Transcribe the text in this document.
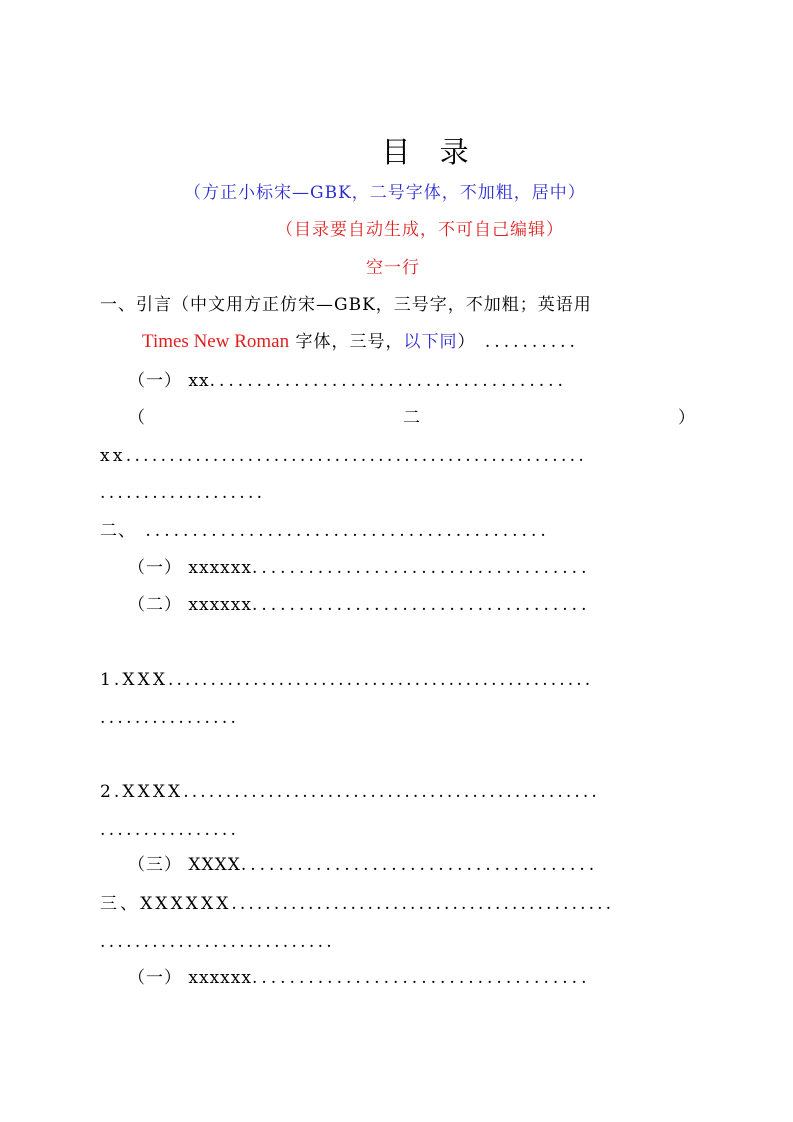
目 录
（方正小标宋—GBK，二号字体，不加粗，居中）
（目录要自动生成，不可自己编辑）
空一行
一、引言（中文用方正仿宋—GBK，三号字，不加粗；英语用
Times New Roman 字体，三号，以下同） ..........
（一） xx......................................
（	二	）
xx.....................................................
...................
二、 ...........................................
（一） xxxxxx....................................
（二） xxxxxx....................................
1.XXX..................................................
................
2.XXXX.................................................
................
（三） XXXX......................................
三、XXXXXX.............................................
...........................
（一） xxxxxx....................................
